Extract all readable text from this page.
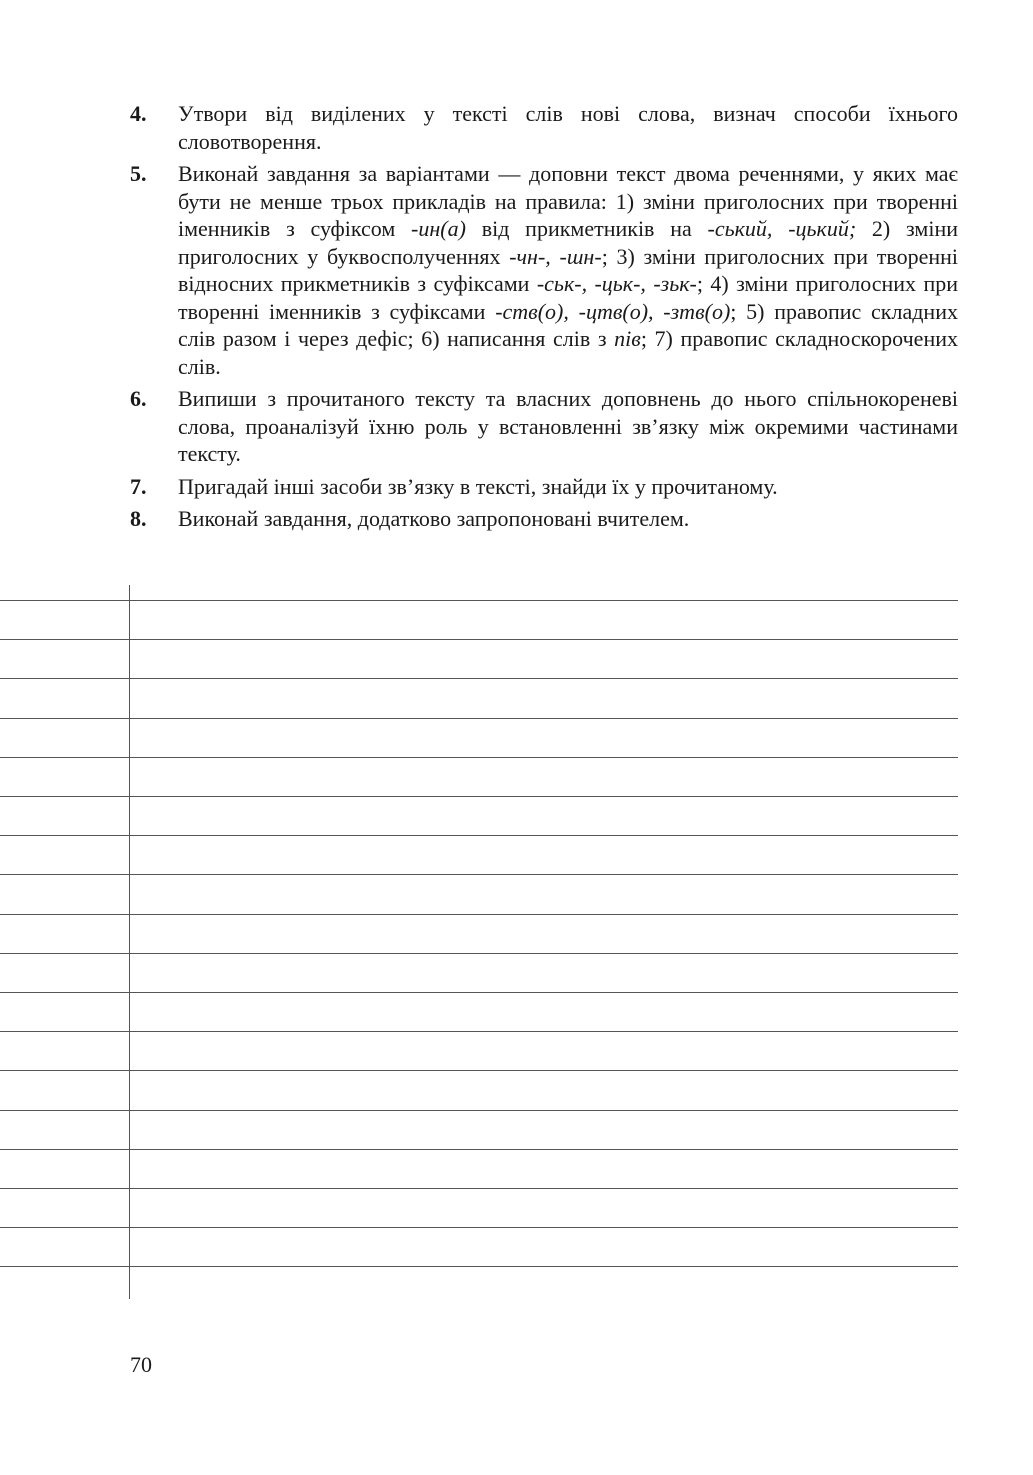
4. Утвори від виділених у тексті слів нові слова, визнач способи їхнього словотворення.
5. Виконай завдання за варіантами — доповни текст двома реченнями, у яких має бути не менше трьох прикладів на правила: 1) зміни приголосних при творенні іменників з суфіксом -ин(а) від прикметників на -ський, -цький; 2) зміни приголосних у буквосполученнях -чн-, -шн-; 3) зміни приголосних при творенні відносних прикметників з суфіксами -ськ-, -цьк-, -зьк-; 4) зміни приголосних при творенні іменників з суфіксами -ств(о), -цтв(о), -зтв(о); 5) правопис складних слів разом і через дефіс; 6) написання слів з пів; 7) правопис складноскорочених слів.
6. Випиши з прочитаного тексту та власних доповнень до нього спільнокореневі слова, проаналізуй їхню роль у встановленні зв’язку між окремими частинами тексту.
7. Пригадай інші засоби зв’язку в тексті, знайди їх у прочитаному.
8. Виконай завдання, додатково запропоновані вчителем.
70
